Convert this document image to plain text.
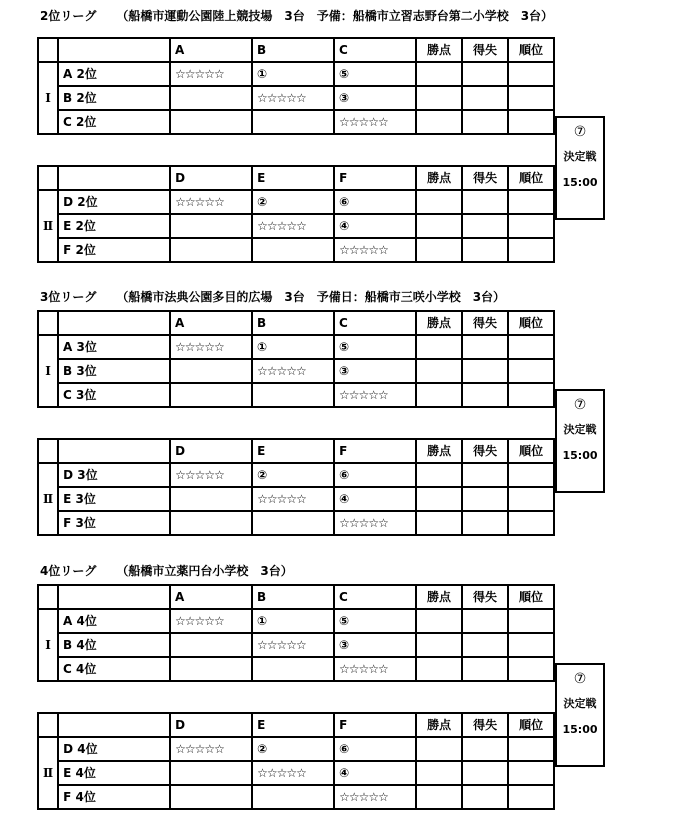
2位リーグ （船橋市運動公園陸上競技場　3台　予備：船橋市立習志野台第二小学校　3台）
		A	B	C	勝点	得失	順位
Ⅰ	A 2位	☆☆☆☆☆	①	⑤			
	B 2位		☆☆☆☆☆	③			
	C 2位			☆☆☆☆☆			
		D	E	F	勝点	得失	順位
Ⅱ	D 2位	☆☆☆☆☆	②	⑥			
	E 2位		☆☆☆☆☆	④			
	F 2位			☆☆☆☆☆			
⑦
決定戦
15:00
3位リーグ （船橋市法典公園多目的広場　3台　予備日：船橋市三咲小学校　3台）
		A	B	C	勝点	得失	順位
Ⅰ	A 3位	☆☆☆☆☆	①	⑤			
	B 3位		☆☆☆☆☆	③			
	C 3位			☆☆☆☆☆			
		D	E	F	勝点	得失	順位
Ⅱ	D 3位	☆☆☆☆☆	②	⑥			
	E 3位		☆☆☆☆☆	④			
	F 3位			☆☆☆☆☆			
⑦
決定戦
15:00
4位リーグ （船橋市立薬円台小学校　3台）
		A	B	C	勝点	得失	順位
Ⅰ	A 4位	☆☆☆☆☆	①	⑤			
	B 4位		☆☆☆☆☆	③			
	C 4位			☆☆☆☆☆			
		D	E	F	勝点	得失	順位
Ⅱ	D 4位	☆☆☆☆☆	②	⑥			
	E 4位		☆☆☆☆☆	④			
	F 4位			☆☆☆☆☆			
⑦
決定戦
15:00
